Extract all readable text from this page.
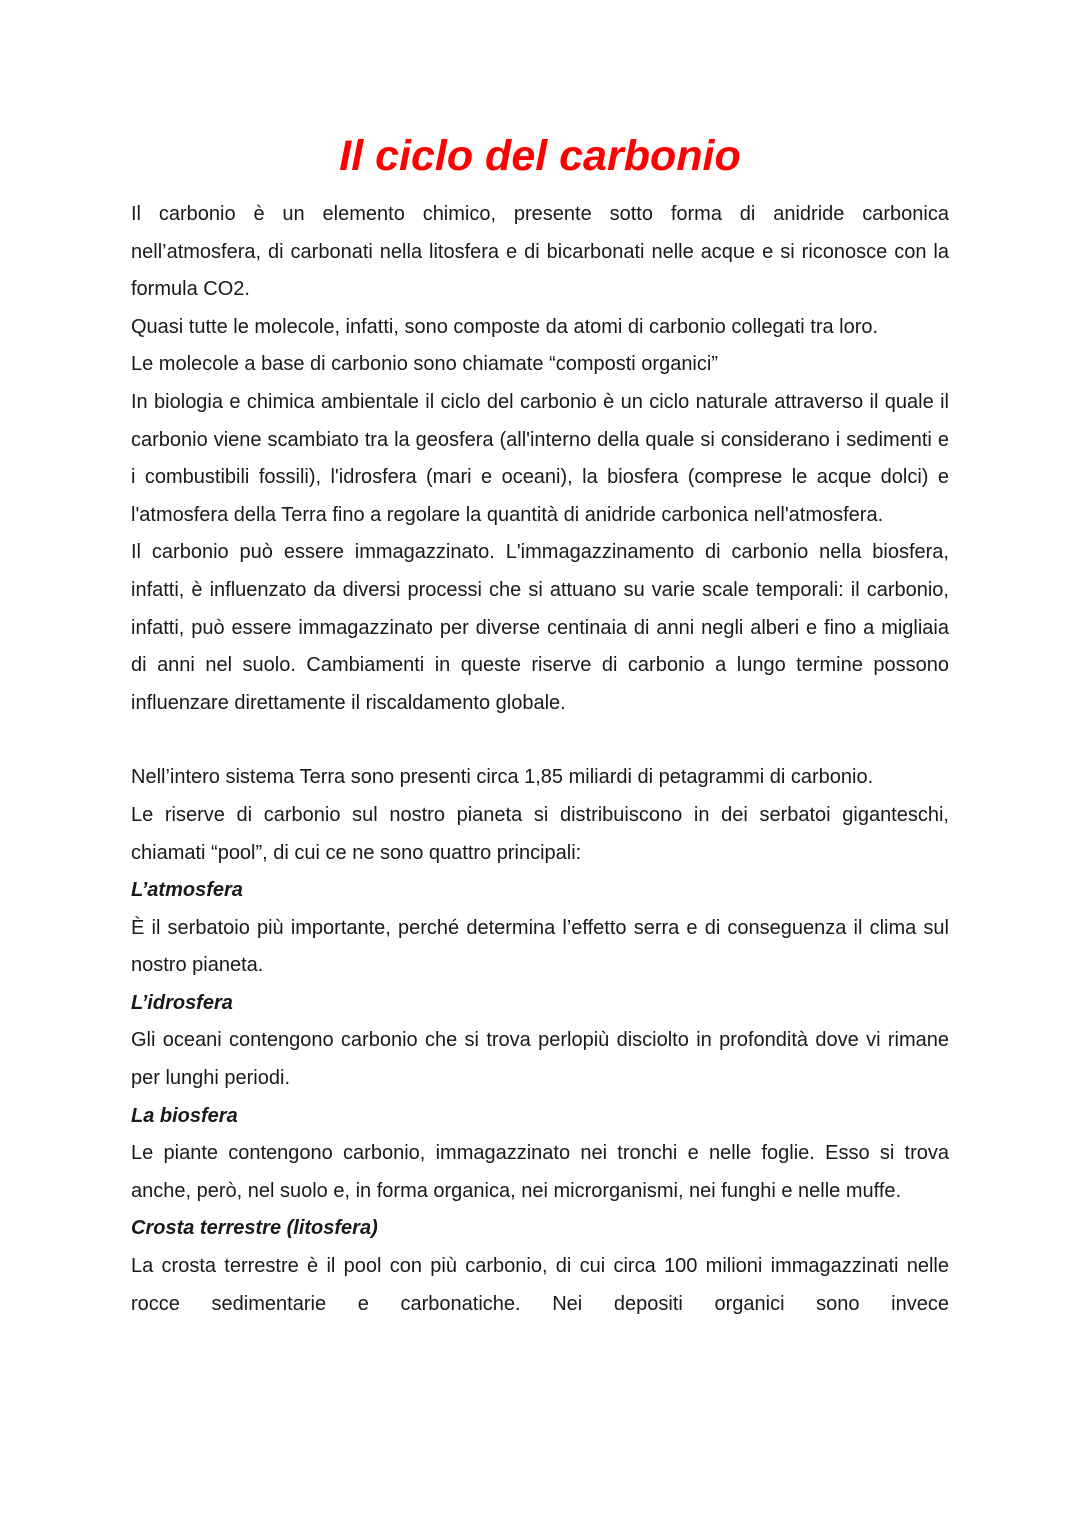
Il ciclo del carbonio

Il carbonio è un elemento chimico, presente sotto forma di anidride carbonica nell’atmosfera, di carbonati nella litosfera e di bicarbonati nelle acque e si riconosce con la formula CO2.

Quasi tutte le molecole, infatti, sono composte da atomi di carbonio collegati tra loro.

Le molecole a base di carbonio sono chiamate “composti organici”

In biologia e chimica ambientale il ciclo del carbonio è un ciclo naturale attraverso il quale il carbonio viene scambiato tra la geosfera (all'interno della quale si considerano i sedimenti e i combustibili fossili), l'idrosfera (mari e oceani), la biosfera (comprese le acque dolci) e l'atmosfera della Terra fino a regolare la quantità di anidride carbonica nell'atmosfera.

Il carbonio può essere immagazzinato. L'immagazzinamento di carbonio nella biosfera, infatti, è influenzato da diversi processi che si attuano su varie scale temporali: il carbonio, infatti, può essere immagazzinato per diverse centinaia di anni negli alberi e fino a migliaia di anni nel suolo. Cambiamenti in queste riserve di carbonio a lungo termine possono influenzare direttamente il riscaldamento globale.

Nell’intero sistema Terra sono presenti circa 1,85 miliardi di petagrammi di carbonio.

Le riserve di carbonio sul nostro pianeta si distribuiscono in dei serbatoi giganteschi, chiamati “pool”, di cui ce ne sono quattro principali:

L’atmosfera

È il serbatoio più importante, perché determina l’effetto serra e di conseguenza il clima sul nostro pianeta.

L’idrosfera

Gli oceani contengono carbonio che si trova perlopiù disciolto in profondità dove vi rimane per lunghi periodi.

La biosfera

Le piante contengono carbonio, immagazzinato nei tronchi e nelle foglie. Esso si trova anche, però, nel suolo e, in forma organica, nei microrganismi, nei funghi e nelle muffe.

Crosta terrestre (litosfera)

La crosta terrestre è il pool con più carbonio, di cui circa 100 milioni immagazzinati nelle rocce sedimentarie e carbonatiche. Nei depositi organici sono invece
